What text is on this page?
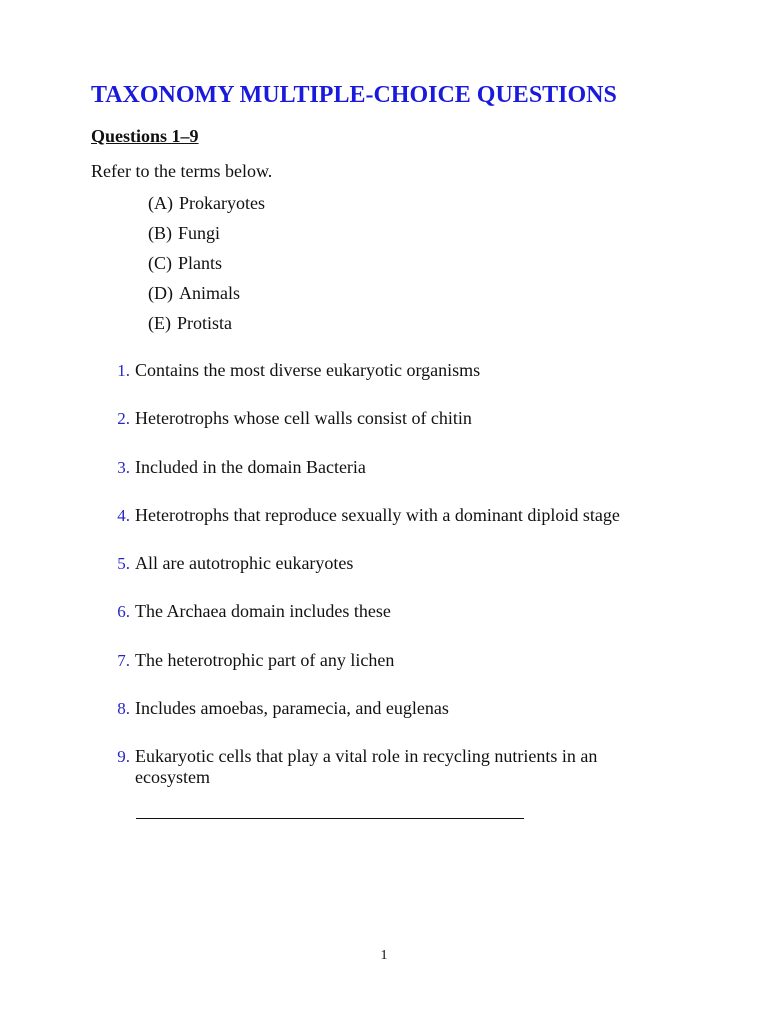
TAXONOMY MULTIPLE-CHOICE QUESTIONS
Questions 1–9
Refer to the terms below.
(A) Prokaryotes
(B) Fungi
(C) Plants
(D) Animals
(E) Protista
1. Contains the most diverse eukaryotic organisms
2. Heterotrophs whose cell walls consist of chitin
3. Included in the domain Bacteria
4. Heterotrophs that reproduce sexually with a dominant diploid stage
5. All are autotrophic eukaryotes
6. The Archaea domain includes these
7. The heterotrophic part of any lichen
8. Includes amoebas, paramecia, and euglenas
9. Eukaryotic cells that play a vital role in recycling nutrients in an ecosystem
1
